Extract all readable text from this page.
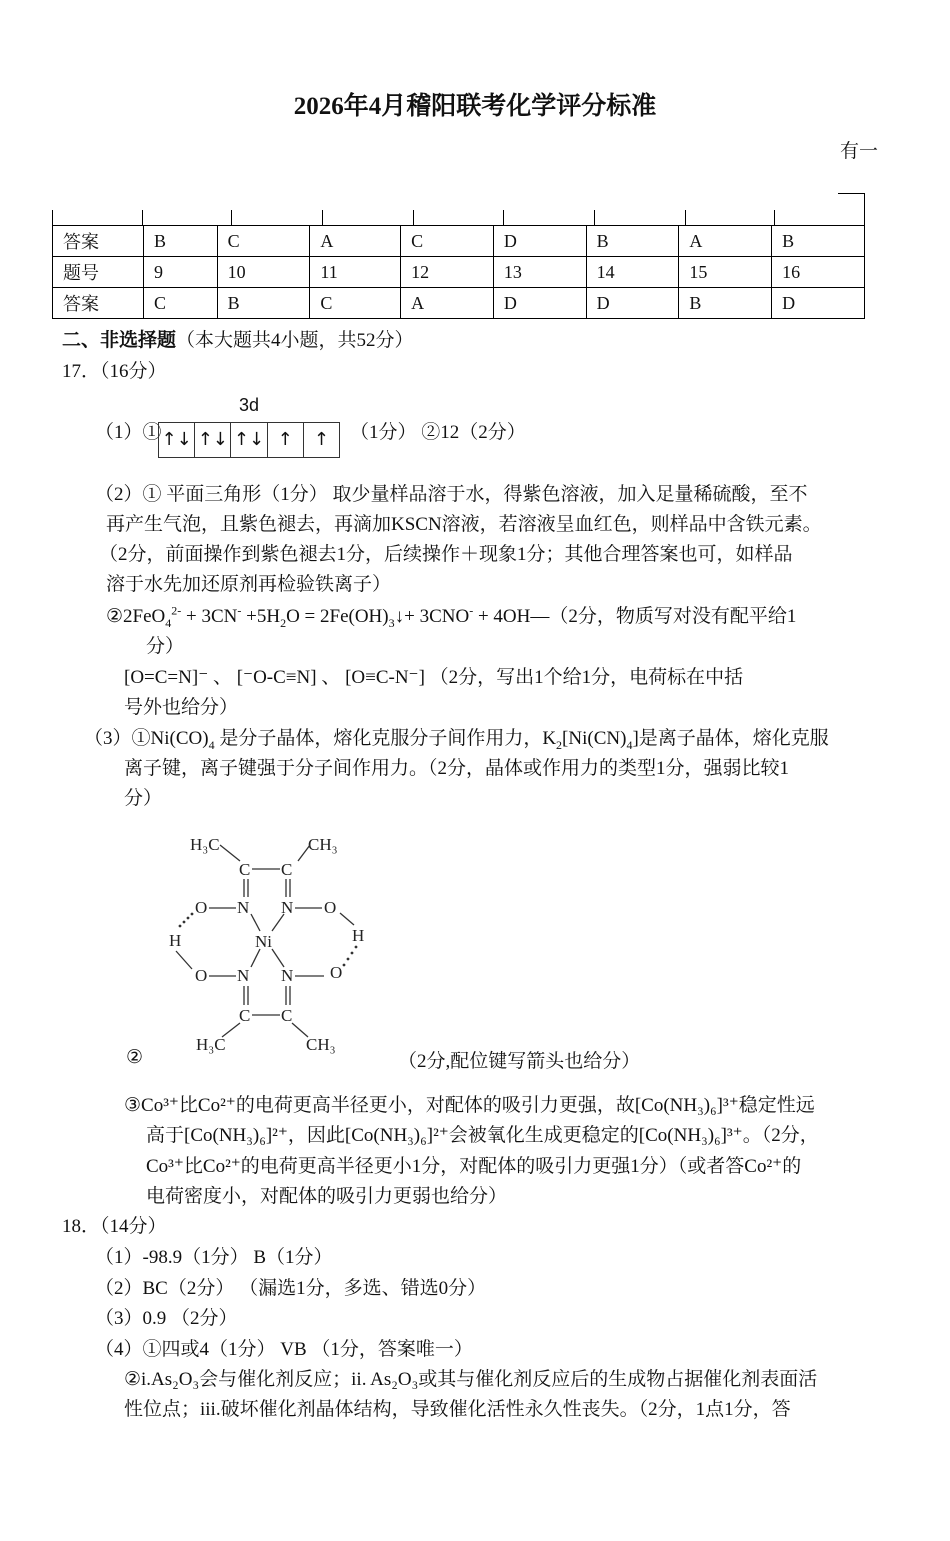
2026年4月稽阳联考化学评分标准
有一
答案	B	C	A	C	D	B	A	B
题号	9	10	11	12	13	14	15	16
答案	C	B	C	A	D	D	B	D
二、非选择题（本大题共4小题，共52分）
17．（16分）
（1）①
3d
↑↓ ↑↓ ↑↓ ↑	↑	（1分） ②12（2分）
（2）① 平面三角形（1分） 取少量样品溶于水，得紫色溶液，加入足量稀硫酸，至不
再产生气泡，且紫色褪去，再滴加KSCN溶液，若溶液呈血红色，则样品中含铁元素。
（2分，前面操作到紫色褪去1分，后续操作＋现象1分；其他合理答案也可，如样品
溶于水先加还原剂再检验铁离子）
②2FeO$_4^{2-}$ + $3CN^- +5H_2O$ = $2Fe(OH)_3↓+ 3CNO^-$ + 4OH—（2分，物质写对没有配平给1
分）
[O=C=N]⁻ 、 [⁻O-C≡N] 、 [O≡C-N⁻] （2分，写出1个给1分，电荷标在中括
号外也给分）
$(3)①Ni(CO)_4$ 是分子晶体，熔化克服分子间作用力，$K_2[Ni(CN)_4]$是离子晶体，熔化克服
离子键，离子键强于分子间作用力。（2分，晶体或作用力的类型1分，强弱比较1
分）
H₃C	CH₃
C C
N N
O	O
H	H
Ni
O	O
N N
C C
H₃C	CH₃
②	（2分,配位键写箭头也给分）
③Co³⁺比Co²⁺的电荷更高半径更小，对配体的吸引力更强，故[Co(NH₃)₆]³⁺稳定性远
高于[Co(NH₃)₆]²⁺，因此[Co(NH₃)₆]²⁺会被氧化生成更稳定的[Co(NH₃)₆]³⁺。（2分，
Co³⁺比Co²⁺的电荷更高半径更小1分，对配体的吸引力更强1分）（或者答Co²⁺的
电荷密度小，对配体的吸引力更弱也给分）
18．（14分）
（1）-98.9（1分） B（1分）
（2）BC（2分） （漏选1分，多选、错选0分）
（3）0.9 （2分）
（4）①四或4（1分） VB （1分，答案唯一）
②i.As₂O₃会与催化剂反应；ii. As₂O₃或其与催化剂反应后的生成物占据催化剂表面活
性位点；iii.破坏催化剂晶体结构，导致催化活性永久性丧失。（2分，1点1分，答
